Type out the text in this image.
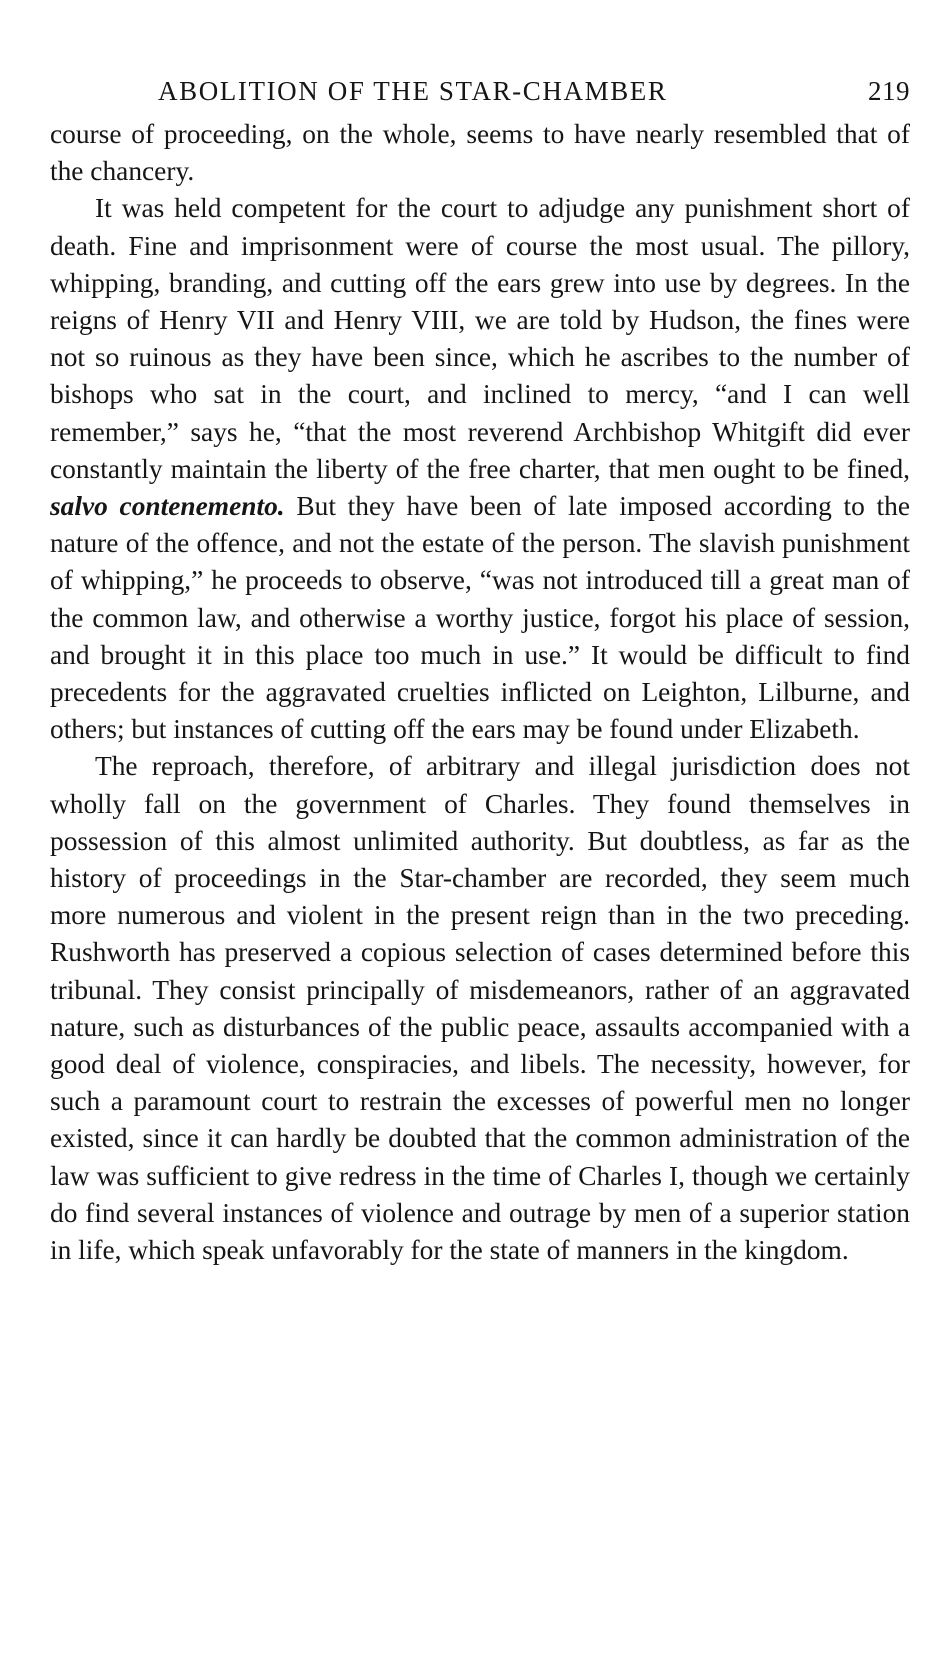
ABOLITION OF THE STAR-CHAMBER	219

course of proceeding, on the whole, seems to have nearly resembled that of the chancery.

It was held competent for the court to adjudge any punishment short of death. Fine and imprisonment were of course the most usual. The pillory, whipping, branding, and cutting off the ears grew into use by degrees. In the reigns of Henry VII and Henry VIII, we are told by Hudson, the fines were not so ruinous as they have been since, which he ascribes to the number of bishops who sat in the court, and inclined to mercy, “and I can well remember,” says he, “that the most reverend Archbishop Whitgift did ever constantly maintain the liberty of the free charter, that men ought to be fined, salvo contenemento. But they have been of late imposed according to the nature of the offence, and not the estate of the person. The slavish punishment of whipping,” he proceeds to observe, “was not introduced till a great man of the common law, and otherwise a worthy justice, forgot his place of session, and brought it in this place too much in use.” It would be difficult to find precedents for the aggravated cruelties inflicted on Leighton, Lilburne, and others; but instances of cutting off the ears may be found under Elizabeth.

The reproach, therefore, of arbitrary and illegal jurisdiction does not wholly fall on the government of Charles. They found themselves in possession of this almost unlimited authority. But doubtless, as far as the history of proceedings in the Star-chamber are recorded, they seem much more numerous and violent in the present reign than in the two preceding. Rushworth has preserved a copious selection of cases determined before this tribunal. They consist principally of misdemeanors, rather of an aggravated nature, such as disturbances of the public peace, assaults accompanied with a good deal of violence, conspiracies, and libels. The necessity, however, for such a paramount court to restrain the excesses of powerful men no longer existed, since it can hardly be doubted that the common administration of the law was sufficient to give redress in the time of Charles I, though we certainly do find several instances of violence and outrage by men of a superior station in life, which speak unfavorably for the state of manners in the kingdom.
